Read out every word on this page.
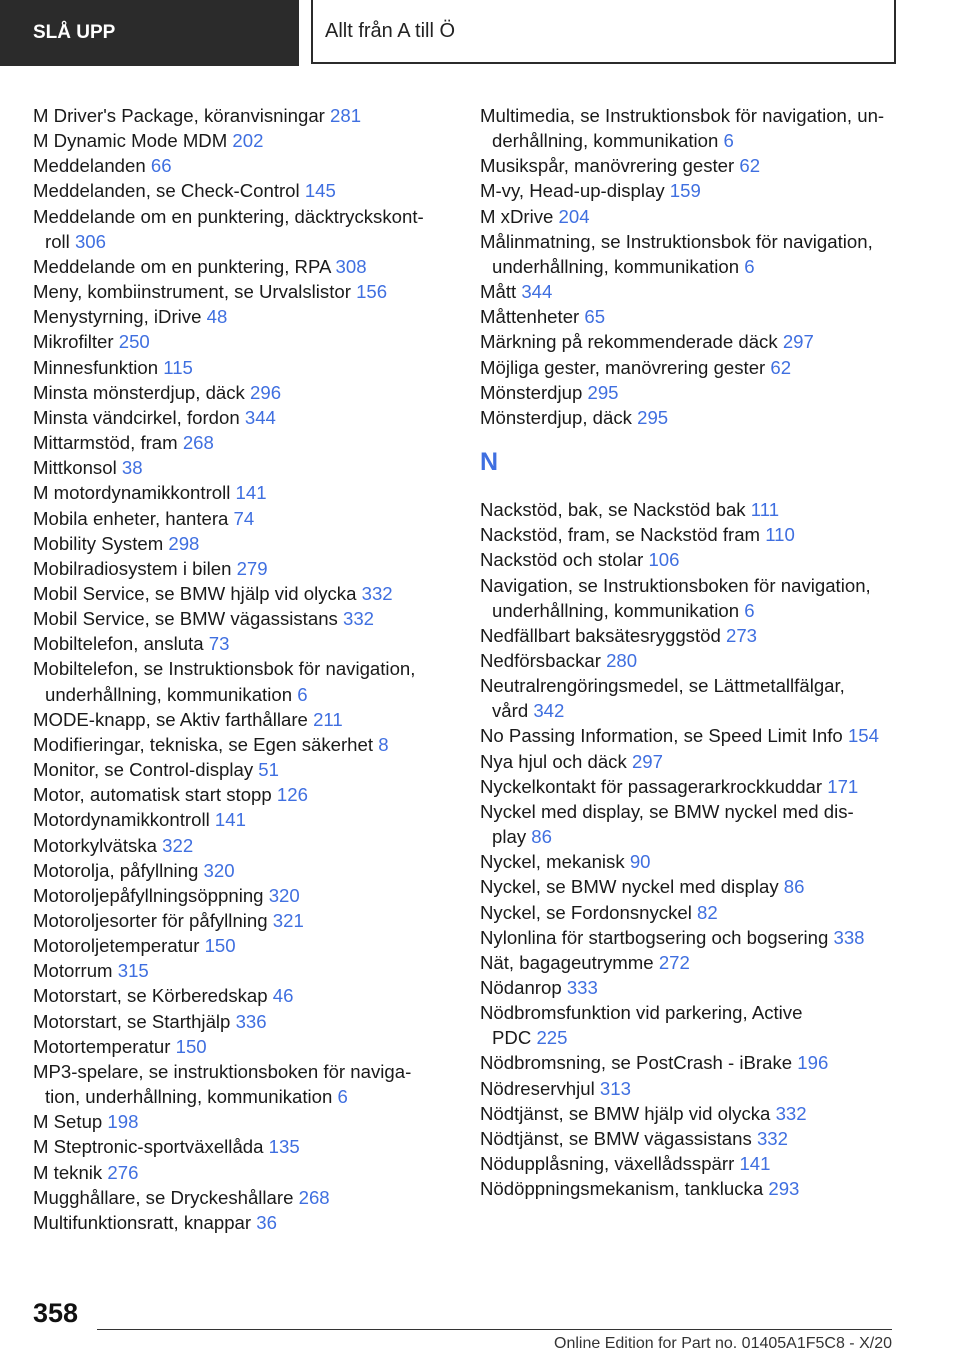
SLÅ UPP	Allt från A till Ö
M Driver's Package, köranvisningar 281
M Dynamic Mode MDM 202
Meddelanden 66
Meddelanden, se Check-Control 145
Meddelande om en punktering, däcktryckskont-
roll 306
Meddelande om en punktering, RPA 308
Meny, kombiinstrument, se Urvalslistor 156
Menystyrning, iDrive 48
Mikrofilter 250
Minnesfunktion 115
Minsta mönsterdjup, däck 296
Minsta vändcirkel, fordon 344
Mittarmstöd, fram 268
Mittkonsol 38
M motordynamikkontroll 141
Mobila enheter, hantera 74
Mobility System 298
Mobilradiosystem i bilen 279
Mobil Service, se BMW hjälp vid olycka 332
Mobil Service, se BMW vägassistans 332
Mobiltelefon, ansluta 73
Mobiltelefon, se Instruktionsbok för navigation,
underhållning, kommunikation 6
MODE-knapp, se Aktiv farthållare 211
Modifieringar, tekniska, se Egen säkerhet 8
Monitor, se Control-display 51
Motor, automatisk start stopp 126
Motordynamikkontroll 141
Motorkylvätska 322
Motorolja, påfyllning 320
Motoroljepåfyllningsöppning 320
Motoroljesorter för påfyllning 321
Motoroljetemperatur 150
Motorrum 315
Motorstart, se Körberedskap 46
Motorstart, se Starthjälp 336
Motortemperatur 150
MP3-spelare, se instruktionsboken för naviga-
tion, underhållning, kommunikation 6
M Setup 198
M Steptronic-sportväxellåda 135
M teknik 276
Mugghållare, se Dryckeshållare 268
Multifunktionsratt, knappar 36
Multimedia, se Instruktionsbok för navigation, un-
derhållning, kommunikation 6
Musikspår, manövrering gester 62
M-vy, Head-up-display 159
M xDrive 204
Målinmatning, se Instruktionsbok för navigation,
underhållning, kommunikation 6
Mått 344
Måttenheter 65
Märkning på rekommenderade däck 297
Möjliga gester, manövrering gester 62
Mönsterdjup 295
Mönsterdjup, däck 295
N
Nackstöd, bak, se Nackstöd bak 111
Nackstöd, fram, se Nackstöd fram 110
Nackstöd och stolar 106
Navigation, se Instruktionsboken för navigation,
underhållning, kommunikation 6
Nedfällbart baksätesryggstöd 273
Nedförsbackar 280
Neutralrengöringsmedel, se Lättmetallfälgar,
vård 342
No Passing Information, se Speed Limit Info 154
Nya hjul och däck 297
Nyckelkontakt för passagerarkrockkuddar 171
Nyckel med display, se BMW nyckel med dis-
play 86
Nyckel, mekanisk 90
Nyckel, se BMW nyckel med display 86
Nyckel, se Fordonsnyckel 82
Nylonlina för startbogsering och bogsering 338
Nät, bagageutrymme 272
Nödanrop 333
Nödbromsfunktion vid parkering, Active
PDC 225
Nödbromsning, se PostCrash - iBrake 196
Nödreservhjul 313
Nödtjänst, se BMW hjälp vid olycka 332
Nödtjänst, se BMW vägassistans 332
Nödupplåsning, växellådsspärr 141
Nödöppningsmekanism, tanklucka 293
358
Online Edition for Part no. 01405A1F5C8 - X/20
